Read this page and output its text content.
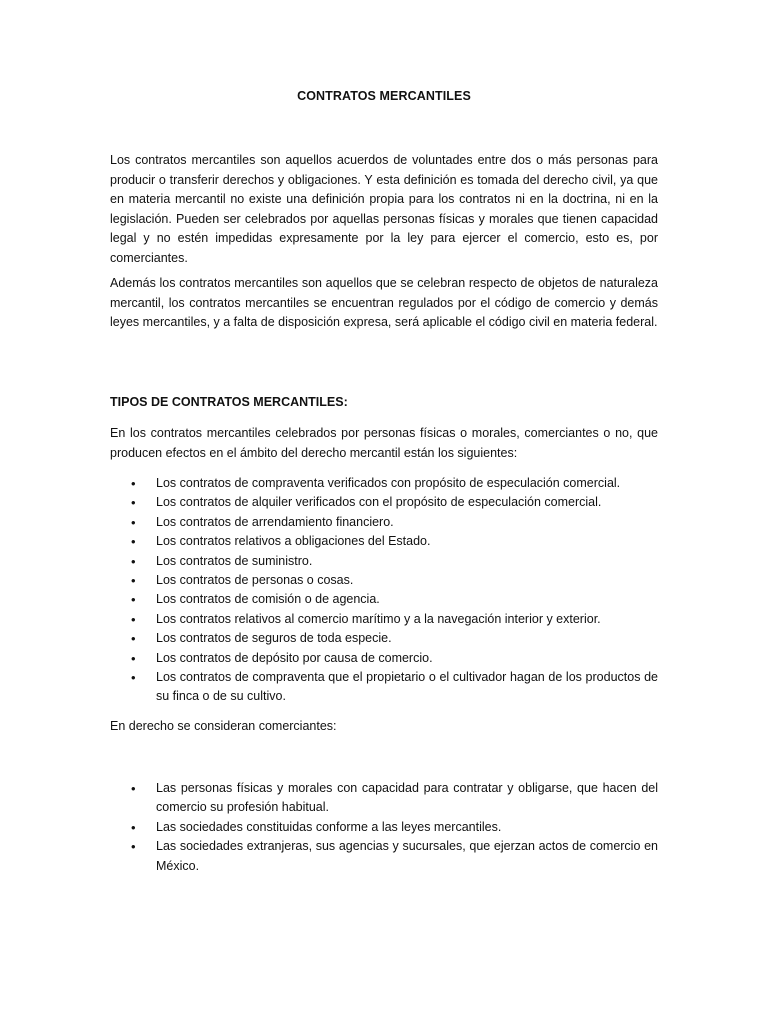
CONTRATOS MERCANTILES

Los contratos mercantiles son aquellos acuerdos de voluntades entre dos o más personas para producir o transferir derechos y obligaciones. Y esta definición es tomada del derecho civil, ya que en materia mercantil no existe una definición propia para los contratos ni en la doctrina, ni en la legislación. Pueden ser celebrados por aquellas personas físicas y morales que tienen capacidad legal y no estén impedidas expresamente por la ley para ejercer el comercio, esto es, por comerciantes.

Además los contratos mercantiles son aquellos que se celebran respecto de objetos de naturaleza mercantil, los contratos mercantiles se encuentran regulados por el código de comercio y demás leyes mercantiles, y a falta de disposición expresa, será aplicable el código civil en materia federal.

TIPOS DE CONTRATOS MERCANTILES:

En los contratos mercantiles celebrados por personas físicas o morales, comerciantes o no, que producen efectos en el ámbito del derecho mercantil están los siguientes:

• Los contratos de compraventa verificados con propósito de especulación comercial.
• Los contratos de alquiler verificados con el propósito de especulación comercial.
• Los contratos de arrendamiento financiero.
• Los contratos relativos a obligaciones del Estado.
• Los contratos de suministro.
• Los contratos de personas o cosas.
• Los contratos de comisión o de agencia.
• Los contratos relativos al comercio marítimo y a la navegación interior y exterior.
• Los contratos de seguros de toda especie.
• Los contratos de depósito por causa de comercio.
• Los contratos de compraventa que el propietario o el cultivador hagan de los productos de su finca o de su cultivo.

En derecho se consideran comerciantes:

• Las personas físicas y morales con capacidad para contratar y obligarse, que hacen del comercio su profesión habitual.
• Las sociedades constituidas conforme a las leyes mercantiles.
• Las sociedades extranjeras, sus agencias y sucursales, que ejerzan actos de comercio en México.
